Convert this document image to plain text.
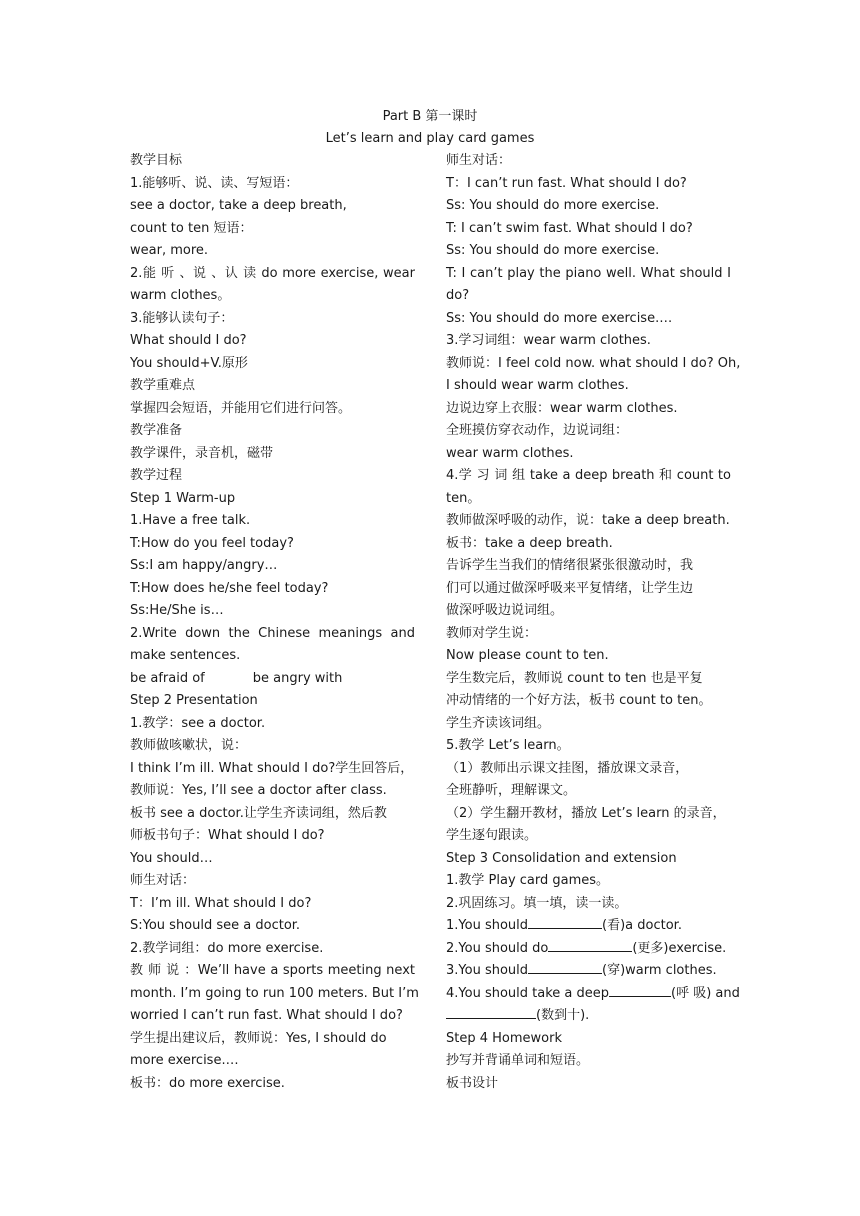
Part B 第一课时
Let’s learn and play card games
教学目标
1.能够听、说、读、写短语：
see a doctor, take a deep breath,
count to ten 短语：
wear, more.
2.能 听 、说 、认 读 do more exercise, wear
warm clothes。
3.能够认读句子：
What should I do?
You should+V.原形
教学重难点
掌握四会短语，并能用它们进行问答。
教学准备
教学课件，录音机，磁带
教学过程
Step 1 Warm-up
1.Have a free talk.
T:How do you feel today?
Ss:I am happy/angry…
T:How does he/she feel today?
Ss:He/She is…
2.Write down the Chinese meanings and
make sentences.
be afraid of	be angry with
Step 2 Presentation
1.教学：see a doctor.
教师做咳嗽状，说：
I think I’m ill. What should I do?学生回答后，
教师说：Yes, I’ll see a doctor after class.
板书 see a doctor.让学生齐读词组，然后教
师板书句子：What should I do?
You should…
师生对话：
T：I’m ill. What should I do?
S:You should see a doctor.
2.教学词组：do more exercise.
教 师 说 ：We’ll have a sports meeting next
month. I’m going to run 100 meters. But I’m
worried I can’t run fast. What should I do?
学生提出建议后，教师说：Yes, I should do
more exercise.…
板书：do more exercise.
师生对话：
T：I can’t run fast. What should I do?
Ss: You should do more exercise.
T: I can’t swim fast. What should I do?
Ss: You should do more exercise.
T: I can’t play the piano well. What should I
do?
Ss: You should do more exercise.…
3.学习词组：wear warm clothes.
教师说：I feel cold now. what should I do? Oh,
I should wear warm clothes.
边说边穿上衣服：wear warm clothes.
全班摸仿穿衣动作，边说词组：
wear warm clothes.
4.学 习 词 组 take a deep breath 和 count to
ten。
教师做深呼吸的动作，说：take a deep breath.
板书：take a deep breath.
告诉学生当我们的情绪很紧张很激动时，我
们可以通过做深呼吸来平复情绪，让学生边
做深呼吸边说词组。
教师对学生说：
Now please count to ten.
学生数完后，教师说 count to ten 也是平复
冲动情绪的一个好方法，板书 count to ten。
学生齐读该词组。
5.教学 Let’s learn。
（1）教师出示课文挂图，播放课文录音，
全班静听，理解课文。
（2）学生翻开教材，播放 Let’s learn 的录音，
学生逐句跟读。
Step 3 Consolidation and extension
1.教学 Play card games。
2.巩固练习。填一填，读一读。
1.You should	(看)a doctor.
2.You should do	(更多)exercise.
3.You should	(穿)warm clothes.
4.You should take a deep	(呼 吸) and
(数到十).
Step 4 Homework
抄写并背诵单词和短语。
板书设计
